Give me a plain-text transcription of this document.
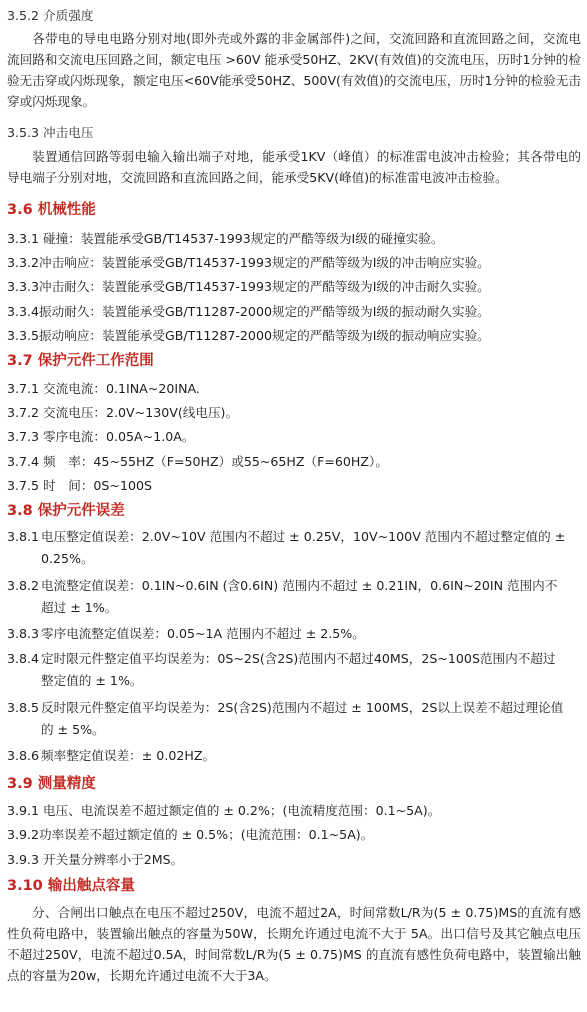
3.5.2 介质强度
各带电的导电电路分别对地(即外壳或外露的非金属部件)之间，交流回路和直流回路之间，交流电流回路和交流电压回路之间，额定电压 >60V 能承受50HZ、2KV(有效值)的交流电压，历时1分钟的检验无击穿或闪烁现象，额定电压<60V能承受50HZ、500V(有效值)的交流电压，历时1分钟的检验无击穿或闪烁现象。
3.5.3 冲击电压
装置通信回路等弱电输入输出端子对地，能承受1KV（峰值）的标准雷电波冲击检验；其各带电的导电端子分别对地，交流回路和直流回路之间，能承受5KV(峰值)的标准雷电波冲击检验。
3.6 机械性能
3.3.1 碰撞：装置能承受GB/T14537-1993规定的严酷等级为I级的碰撞实验。
3.3.2冲击响应：装置能承受GB/T14537-1993规定的严酷等级为I级的冲击响应实验。
3.3.3冲击耐久：装置能承受GB/T14537-1993规定的严酷等级为I级的冲击耐久实验。
3.3.4振动耐久：装置能承受GB/T11287-2000规定的严酷等级为I级的振动耐久实验。
3.3.5振动响应：装置能承受GB/T11287-2000规定的严酷等级为I级的振动响应实验。
3.7 保护元件工作范围
3.7.1 交流电流：0.1INA~20INA.
3.7.2 交流电压：2.0V~130V(线电压)。
3.7.3 零序电流：0.05A~1.0A。
3.7.4 频　率：45~55HZ（F=50HZ）或55~65HZ（F=60HZ）。
3.7.5 时　间：0S~100S
3.8 保护元件误差
3.8.1 电压整定值误差：2.0V~10V 范围内不超过 ± 0.25V，10V~100V 范围内不超过整定值的 ± 0.25%。
3.8.2 电流整定值误差：0.1IN~0.6IN (含0.6IN) 范围内不超过 ± 0.21IN，0.6IN~20IN 范围内不超过 ± 1%。
3.8.3 零序电流整定值误差：0.05~1A 范围内不超过 ± 2.5%。
3.8.4 定时限元件整定值平均误差为：0S~2S(含2S)范围内不超过40MS，2S~100S范围内不超过整定值的 ± 1%。
3.8.5 反时限元件整定值平均误差为：2S(含2S)范围内不超过 ± 100MS，2S以上误差不超过理论值的 ± 5%。
3.8.6 频率整定值误差：± 0.02HZ。
3.9 测量精度
3.9.1 电压、电流误差不超过额定值的 ± 0.2%；(电流精度范围：0.1~5A)。
3.9.2功率误差不超过额定值的 ± 0.5%；(电流范围：0.1~5A)。
3.9.3 开关量分辨率小于2MS。
3.10 输出触点容量
分、合闸出口触点在电压不超过250V，电流不超过2A，时间常数L/R为(5 ± 0.75)MS的直流有感性负荷电路中，装置输出触点的容量为50W，长期允许通过电流不大于 5A。出口信号及其它触点电压不超过250V，电流不超过0.5A，时间常数L/R为(5 ± 0.75)MS 的直流有感性负荷电路中，装置输出触点的容量为20w，长期允许通过电流不大于3A。
